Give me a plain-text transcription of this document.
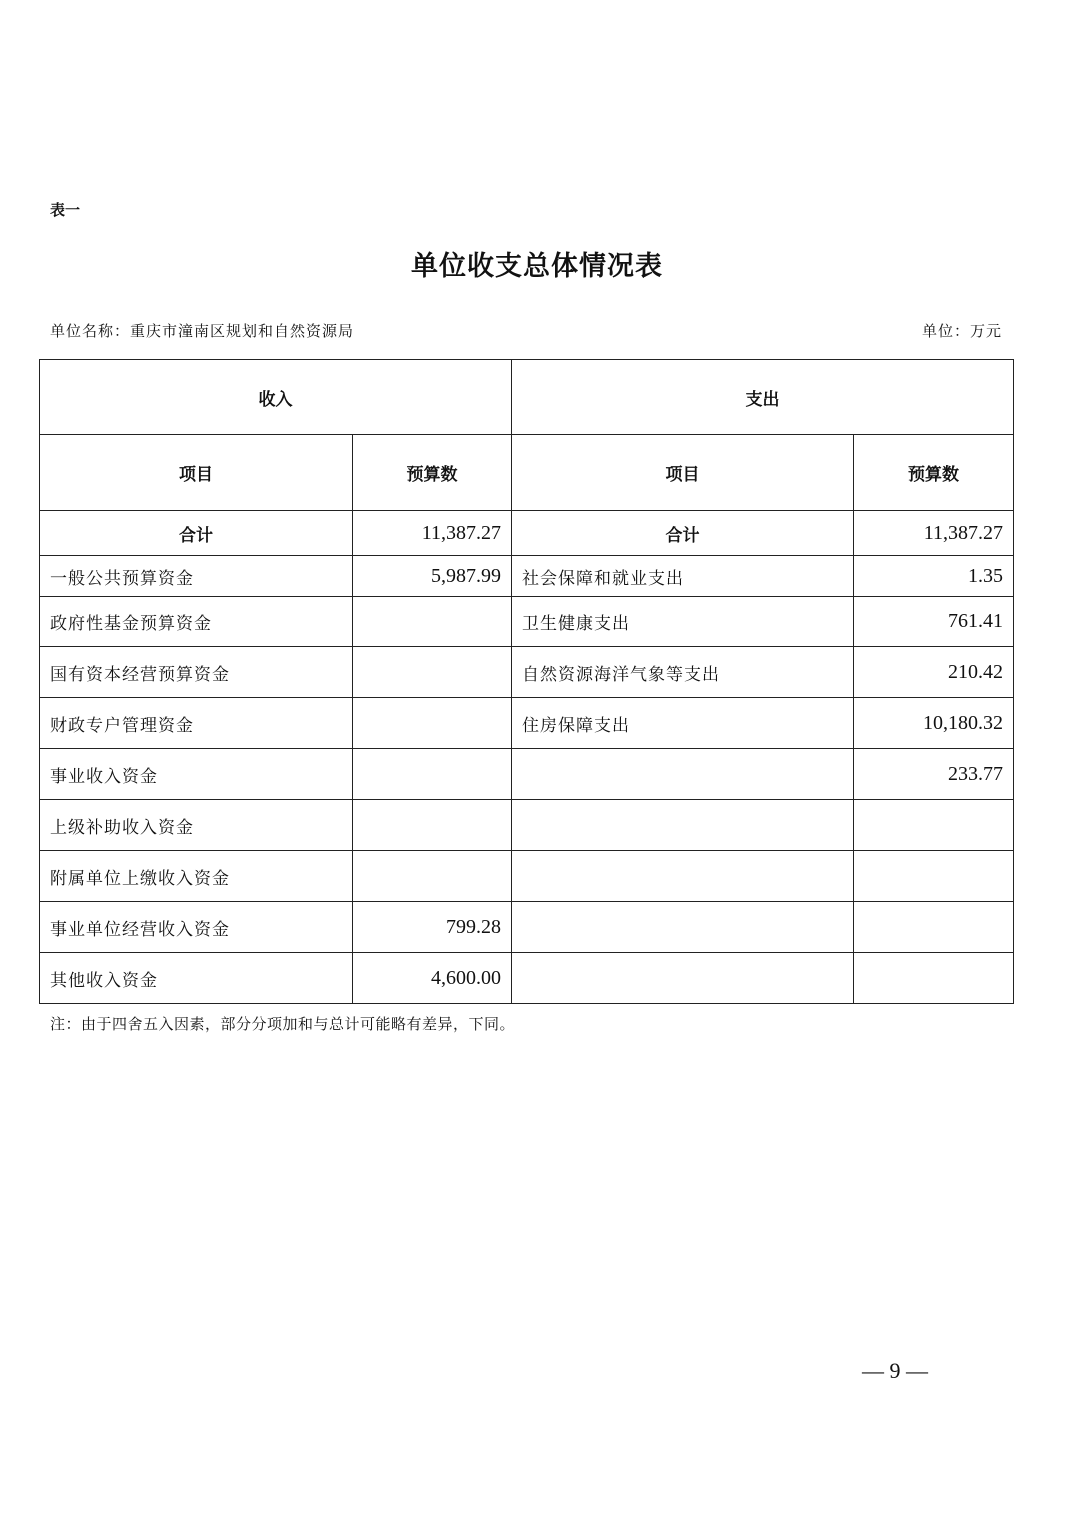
表一
单位收支总体情况表
单位名称：重庆市潼南区规划和自然资源局	单位：万元
收入		支出	
项目	预算数	项目	预算数
合计	11,387.27	合计	11,387.27
一般公共预算资金	5,987.99	社会保障和就业支出	1.35
政府性基金预算资金		卫生健康支出	761.41
国有资本经营预算资金		自然资源海洋气象等支出	210.42
财政专户管理资金		住房保障支出	10,180.32
事业收入资金			233.77
上级补助收入资金			
附属单位上缴收入资金			
事业单位经营收入资金	799.28		
其他收入资金	4,600.00		
注：由于四舍五入因素，部分分项加和与总计可能略有差异，下同。
— 9 —
